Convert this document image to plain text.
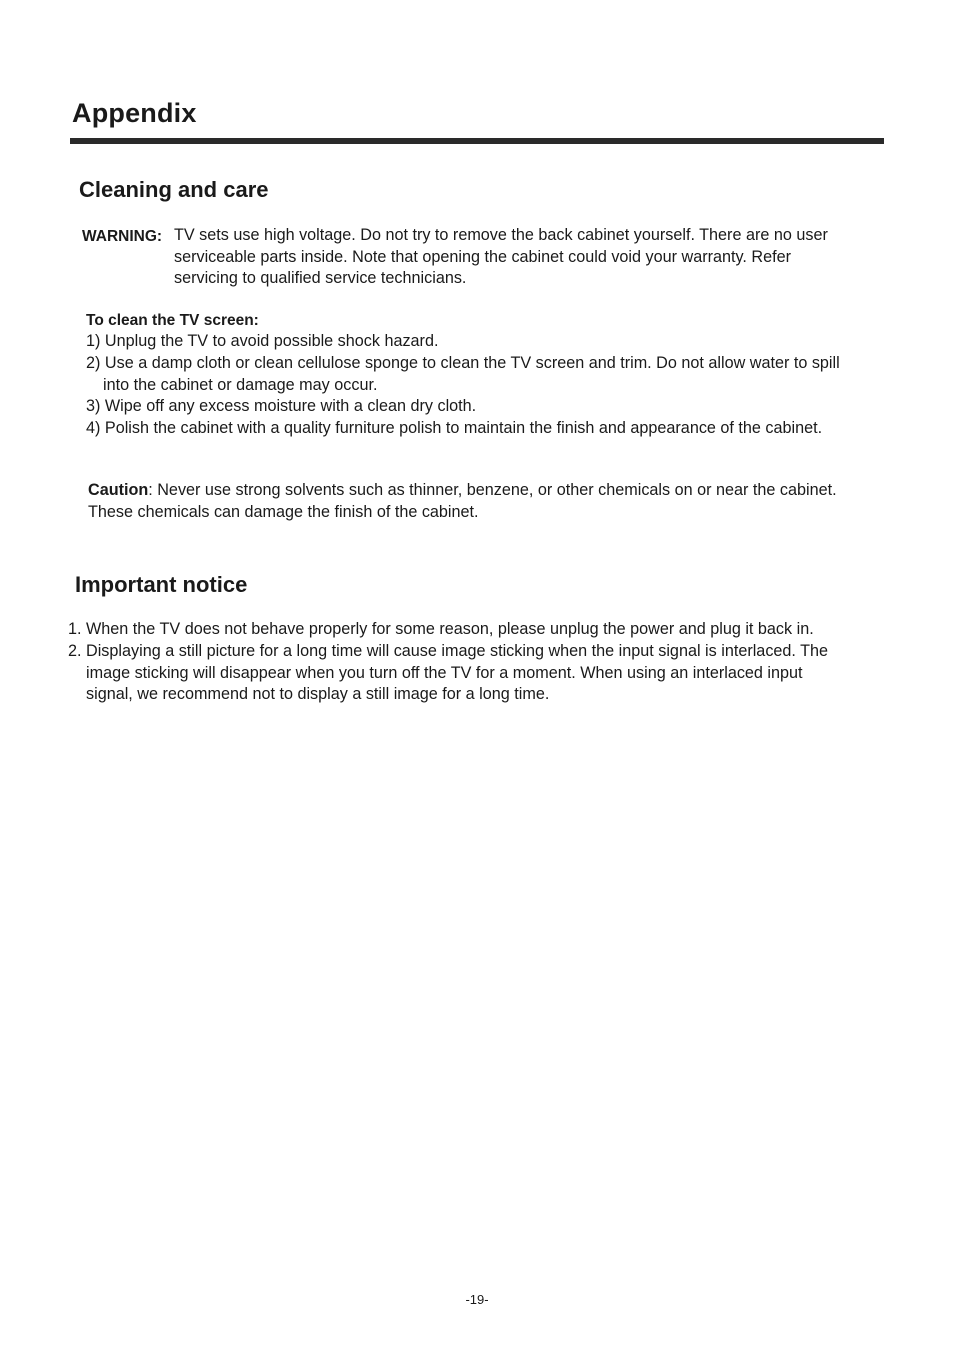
Appendix
Cleaning and care
WARNING: TV sets use high voltage. Do not try to remove the back cabinet yourself. There are no user
serviceable parts inside. Note that opening the cabinet could void your warranty. Refer
servicing to qualified service technicians.
To clean the TV screen:
1) Unplug the TV to avoid possible shock hazard.
2) Use a damp cloth or clean cellulose sponge to clean the TV screen and trim. Do not allow water to spill
into the cabinet or damage may occur.
3) Wipe off any excess moisture with a clean dry cloth.
4) Polish the cabinet with a quality furniture polish to maintain the finish and appearance of the cabinet.
Caution: Never use strong solvents such as thinner, benzene, or other chemicals on or near the cabinet.
These chemicals can damage the finish of the cabinet.
Important notice
1. When the TV does not behave properly for some reason, please unplug the power and plug it back in.
2. Displaying a still picture for a long time will cause image sticking when the input signal is interlaced. The
image sticking will disappear when you turn off the TV for a moment. When using an interlaced input
signal, we recommend not to display a still image for a long time.
-19-
